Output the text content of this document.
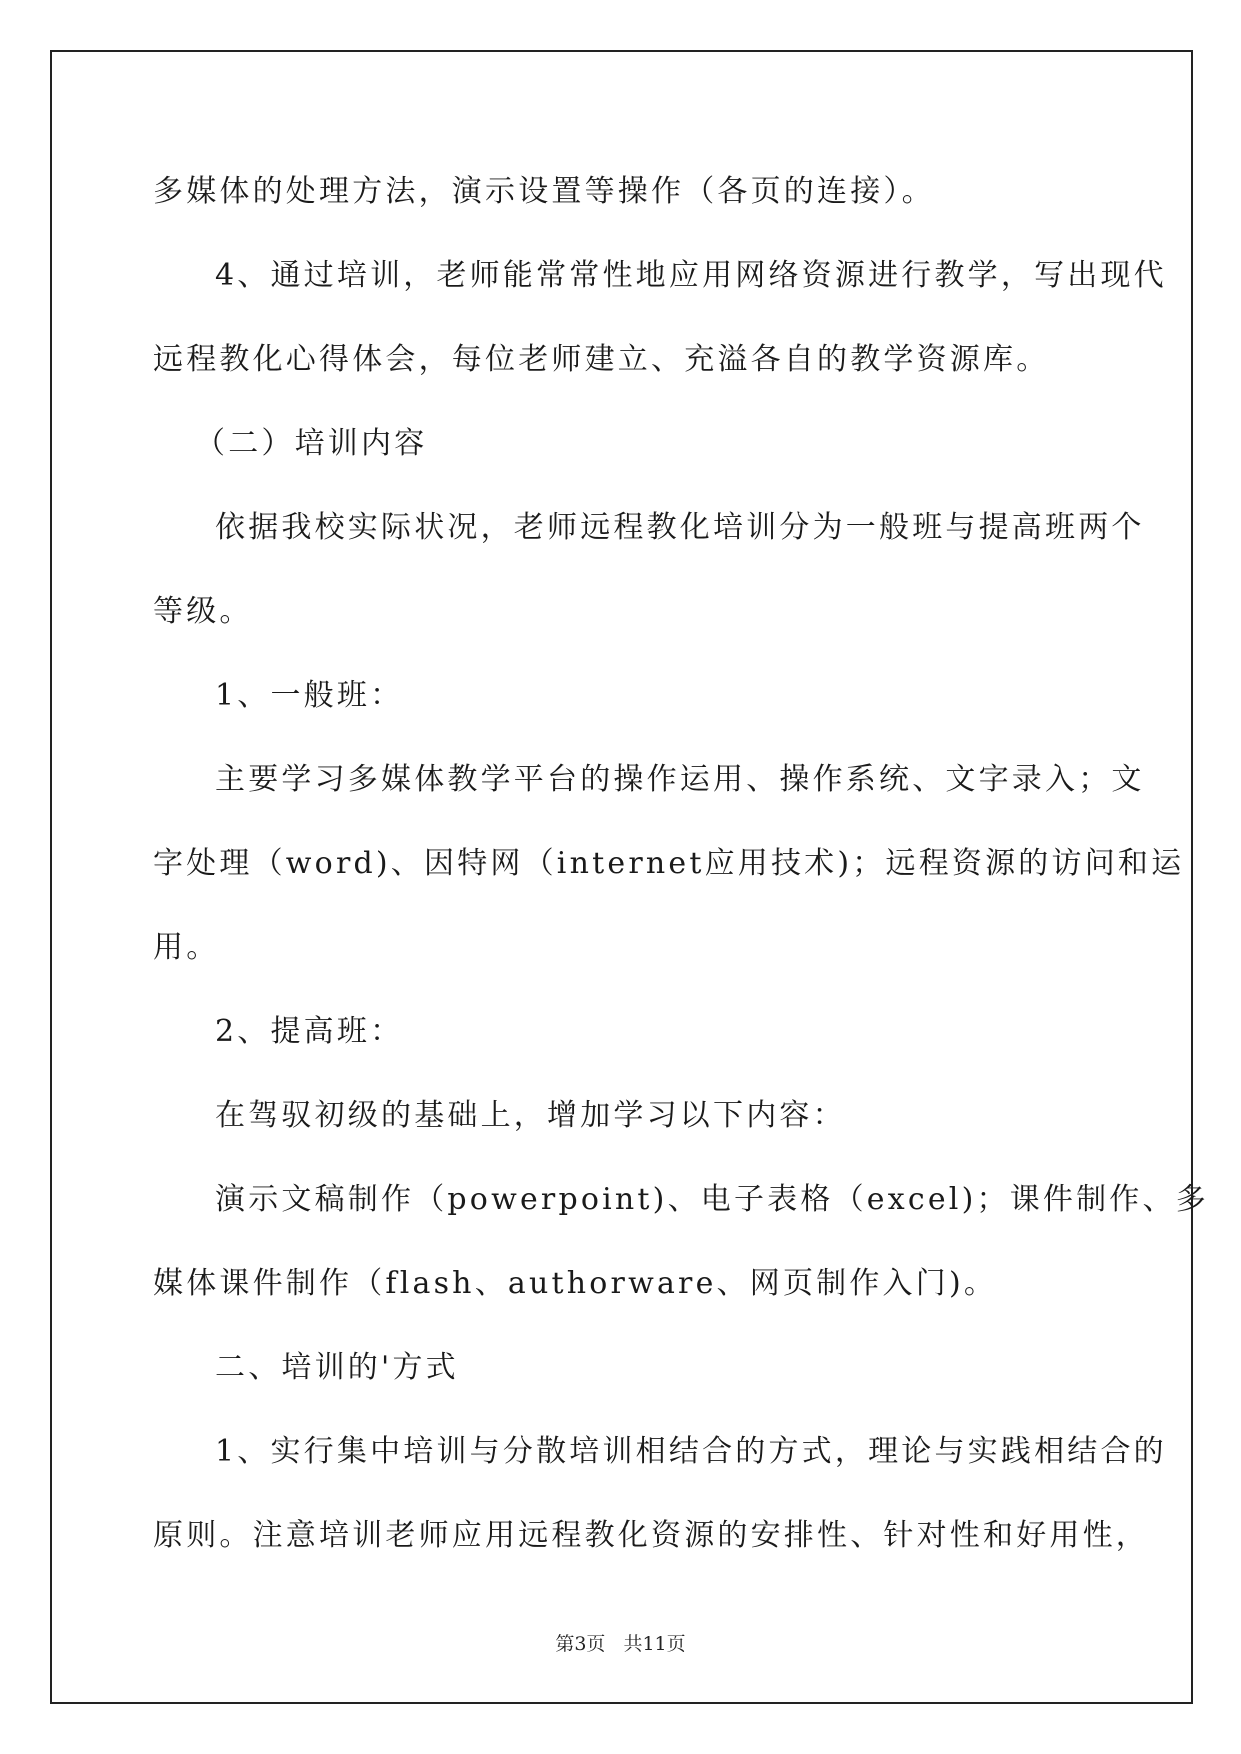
多媒体的处理方法，演示设置等操作（各页的连接）。
4、通过培训，老师能常常性地应用网络资源进行教学，写出现代
远程教化心得体会，每位老师建立、充溢各自的教学资源库。
（二）培训内容
依据我校实际状况，老师远程教化培训分为一般班与提高班两个
等级。
1、一般班：
主要学习多媒体教学平台的操作运用、操作系统、文字录入；文
字处理（word)、因特网（internet应用技术)；远程资源的访问和运
用。
2、提高班：
在驾驭初级的基础上，增加学习以下内容：
演示文稿制作（powerpoint)、电子表格（excel)；课件制作、多
媒体课件制作（flash、authorware、网页制作入门)。
二、培训的'方式
1、实行集中培训与分散培训相结合的方式，理论与实践相结合的
原则。注意培训老师应用远程教化资源的安排性、针对性和好用性，
第3页 共11页
